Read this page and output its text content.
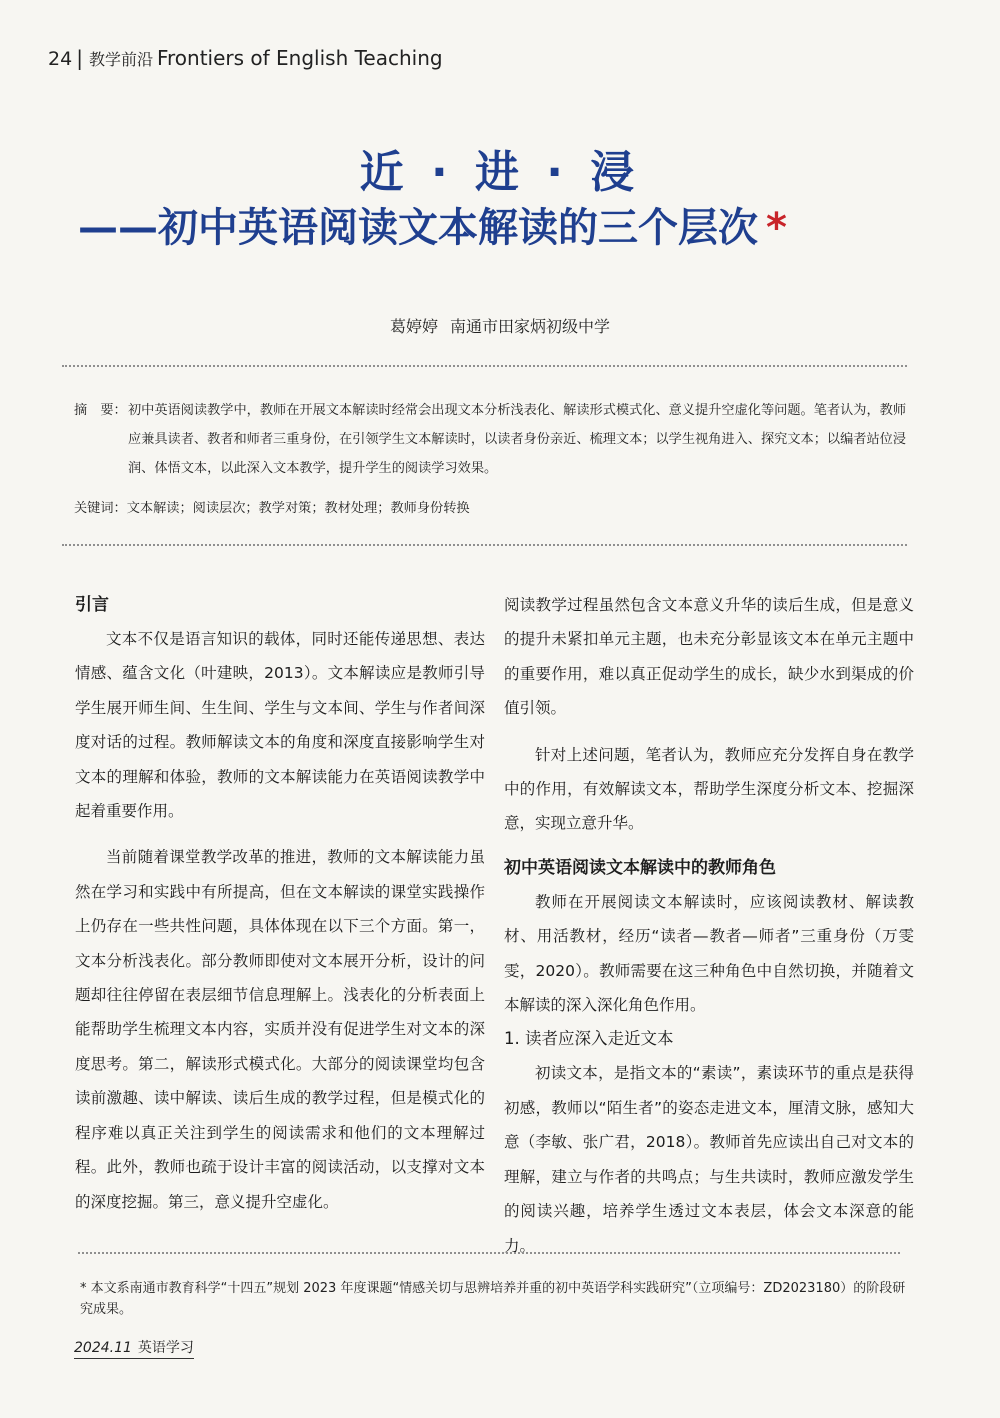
24 | 教学前沿 Frontiers of English Teaching
近 · 进 · 浸
——初中英语阅读文本解读的三个层次 *
葛婷婷 南通市田家炳初级中学
摘　要： 初中英语阅读教学中，教师在开展文本解读时经常会出现文本分析浅表化、解读形式模式化、意义提升空虚化等问题。笔者认为，教师应兼具读者、教者和师者三重身份，在引领学生文本解读时，以读者身份亲近、梳理文本；以学生视角进入、探究文本；以编者站位浸润、体悟文本，以此深入文本教学，提升学生的阅读学习效果。
关键词：文本解读；阅读层次；教学对策；教材处理；教师身份转换
引言

文本不仅是语言知识的载体，同时还能传递思想、表达情感、蕴含文化（叶建映，2013）。文本解读应是教师引导学生展开师生间、生生间、学生与文本间、学生与作者间深度对话的过程。教师解读文本的角度和深度直接影响学生对文本的理解和体验，教师的文本解读能力在英语阅读教学中起着重要作用。

当前随着课堂教学改革的推进，教师的文本解读能力虽然在学习和实践中有所提高，但在文本解读的课堂实践操作上仍存在一些共性问题，具体体现在以下三个方面。第一，文本分析浅表化。部分教师即使对文本展开分析，设计的问题却往往停留在表层细节信息理解上。浅表化的分析表面上能帮助学生梳理文本内容，实质并没有促进学生对文本的深度思考。第二，解读形式模式化。大部分的阅读课堂均包含读前激趣、读中解读、读后生成的教学过程，但是模式化的程序难以真正关注到学生的阅读需求和他们的文本理解过程。此外，教师也疏于设计丰富的阅读活动，以支撑对文本的深度挖掘。第三，意义提升空虚化。

阅读教学过程虽然包含文本意义升华的读后生成，但是意义的提升未紧扣单元主题，也未充分彰显该文本在单元主题中的重要作用，难以真正促动学生的成长，缺少水到渠成的价值引领。

针对上述问题，笔者认为，教师应充分发挥自身在教学中的作用，有效解读文本，帮助学生深度分析文本、挖掘深意，实现立意升华。

初中英语阅读文本解读中的教师角色

教师在开展阅读文本解读时，应该阅读教材、解读教材、用活教材，经历“读者—教者—师者”三重身份（万雯雯，2020）。教师需要在这三种角色中自然切换，并随着文本解读的深入深化角色作用。

1. 读者应深入走近文本

初读文本，是指文本的“素读”，素读环节的重点是获得初感，教师以“陌生者”的姿态走进文本，厘清文脉，感知大意（李敏、张广君，2018）。教师首先应读出自己对文本的理解，建立与作者的共鸣点；与生共读时，教师应激发学生的阅读兴趣，培养学生透过文本表层，体会文本深意的能力。

* 本文系南通市教育科学“十四五”规划 2023 年度课题“情感关切与思辨培养并重的初中英语学科实践研究”（立项编号：ZD2023180）的阶段研究成果。
2024.11 英语学习
